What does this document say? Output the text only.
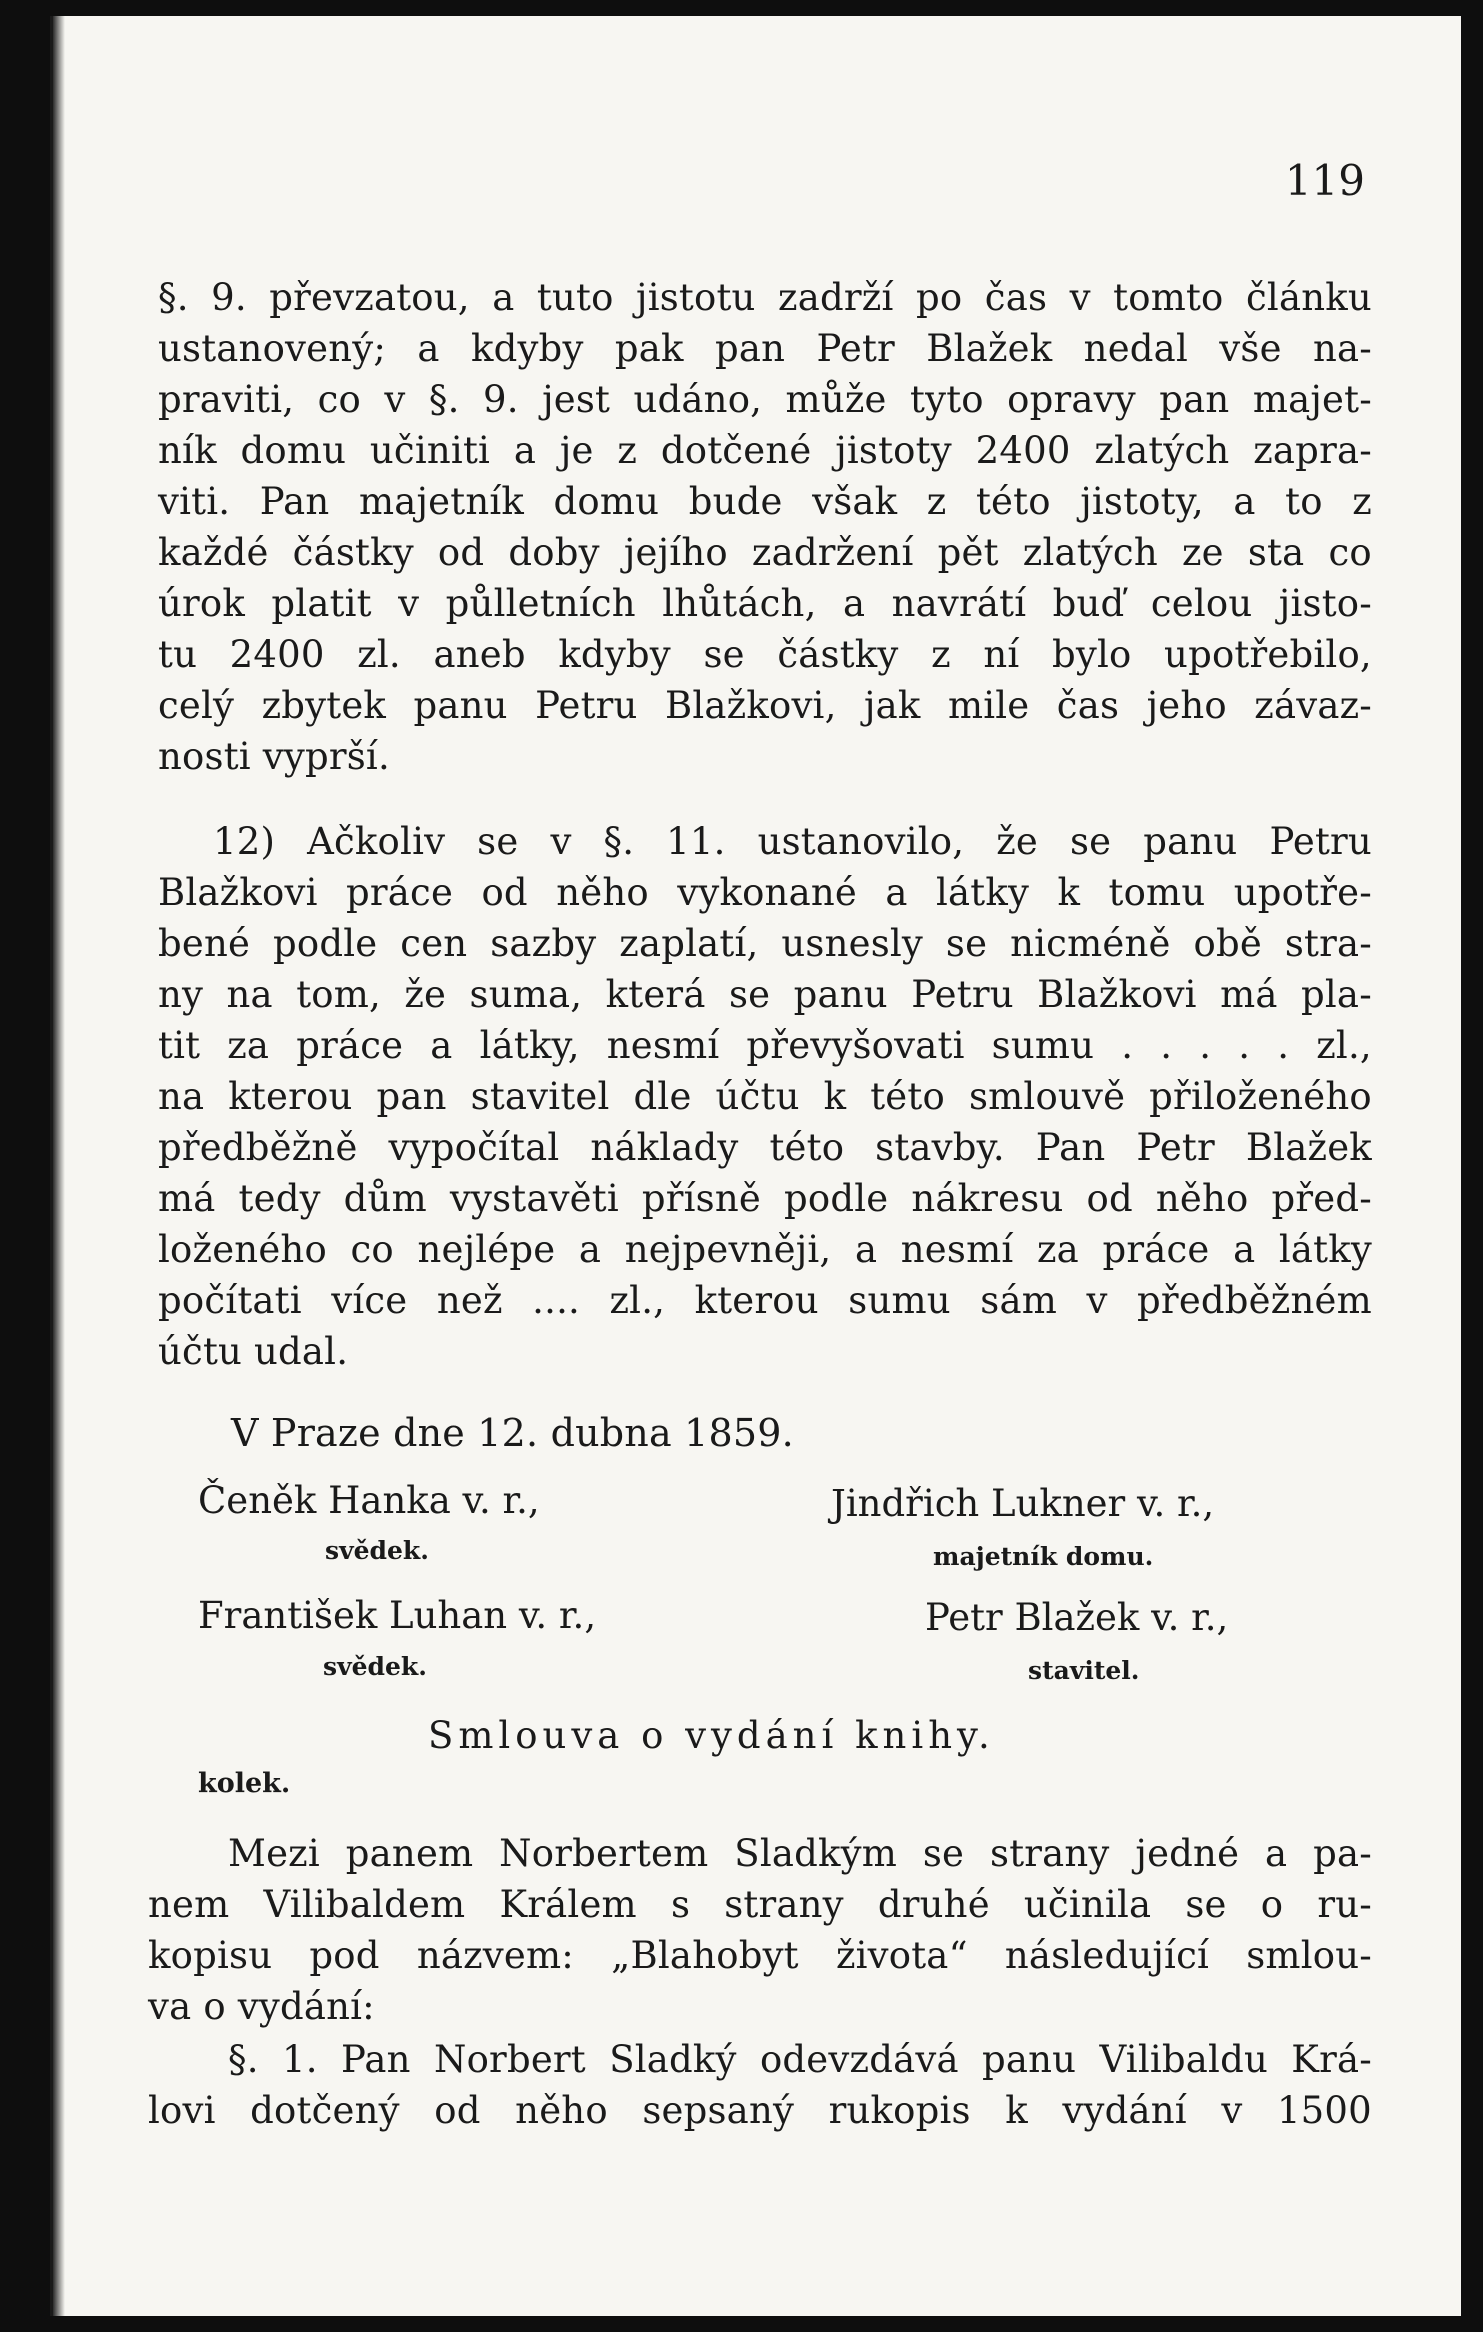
119
§. 9. převzatou, a tuto jistotu zadrží po čas v tomto článku
ustanovený; a kdyby pak pan Petr Blažek nedal vše na-
praviti, co v §. 9. jest udáno, může tyto opravy pan majet-
ník domu učiniti a je z dotčené jistoty 2400 zlatých zapra-
viti. Pan majetník domu bude však z této jistoty, a to z
každé částky od doby jejího zadržení pět zlatých ze sta co
úrok platit v půlletních lhůtách, a navrátí buď celou jisto-
tu 2400 zl. aneb kdyby se částky z ní bylo upotřebilo,
celý zbytek panu Petru Blažkovi, jak mile čas jeho závaz-
nosti vyprší.
12) Ačkoliv se v §. 11. ustanovilo, že se panu Petru
Blažkovi práce od něho vykonané a látky k tomu upotře-
bené podle cen sazby zaplatí, usnesly se nicméně obě stra-
ny na tom, že suma, která se panu Petru Blažkovi má pla-
tit za práce a látky, nesmí převyšovati sumu . . . . . zl.,
na kterou pan stavitel dle účtu k této smlouvě přiloženého
předběžně vypočítal náklady této stavby. Pan Petr Blažek
má tedy dům vystavěti přísně podle nákresu od něho před-
loženého co nejlépe a nejpevněji, a nesmí za práce a látky
počítati více než .... zl., kterou sumu sám v předběžném
účtu udal.
V Praze dne 12. dubna 1859.
Čeněk Hanka v. r.,
svědek.
Jindřich Lukner v. r.,
majetník domu.
František Luhan v. r.,
svědek.
Petr Blažek v. r.,
stavitel.
Smlouva o vydání knihy.
kolek.
Mezi panem Norbertem Sladkým se strany jedné a pa-
nem Vilibaldem Králem s strany druhé učinila se o ru-
kopisu pod názvem: „Blahobyt života“ následující smlou-
va o vydání:
§. 1. Pan Norbert Sladký odevzdává panu Vilibaldu Krá-
lovi dotčený od něho sepsaný rukopis k vydání v 1500
